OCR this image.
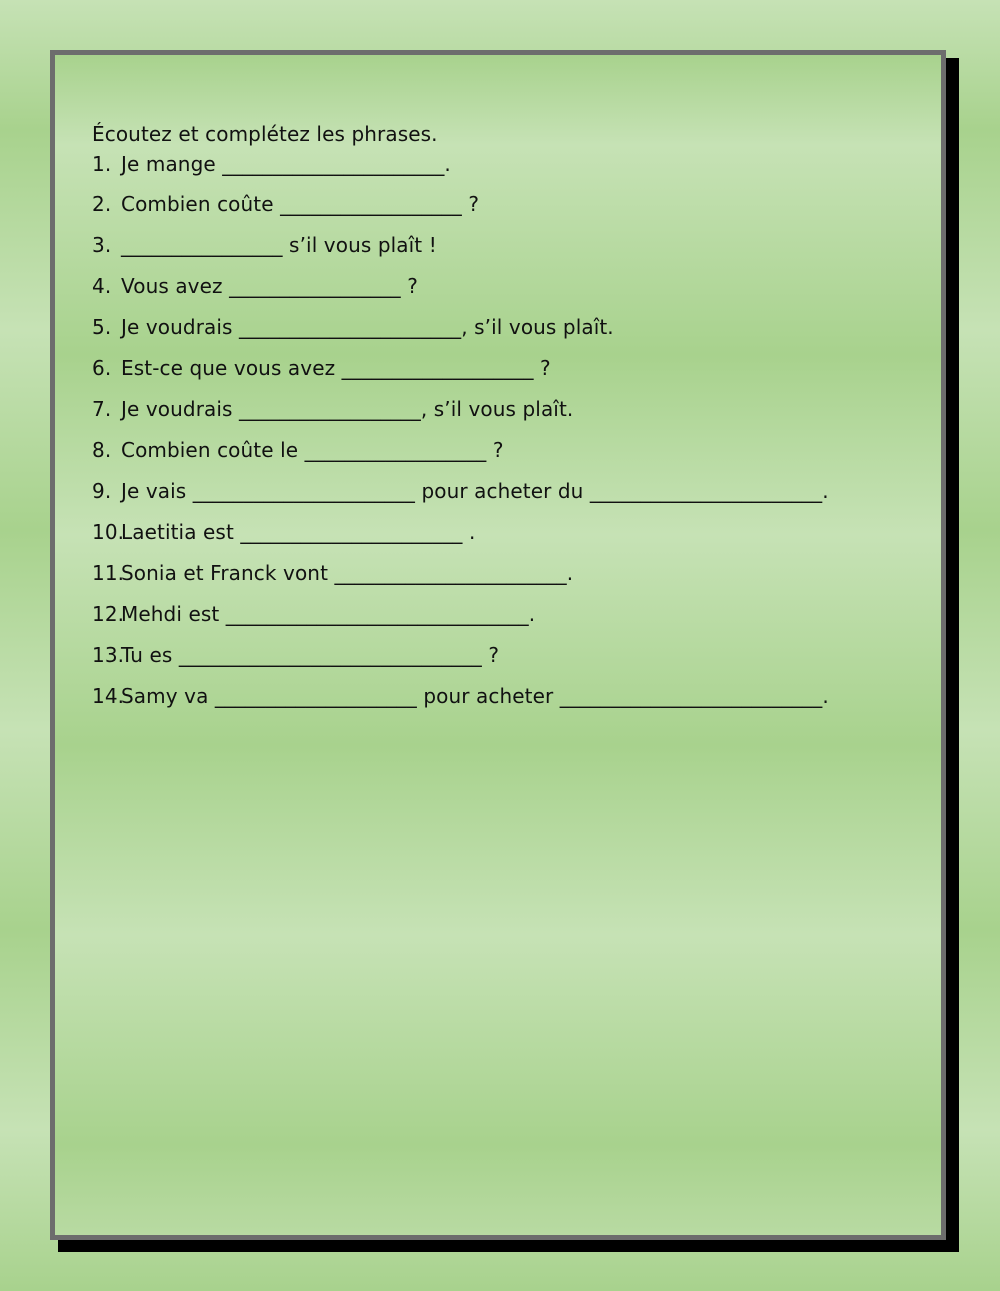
Écoutez et complétez les phrases.
1. Je mange ______________________.
2. Combien coûte __________________ ?
3. ________________ s’il vous plaît !
4. Vous avez _________________ ?
5. Je voudrais ______________________, s’il vous plaît.
6. Est-ce que vous avez ___________________ ?
7. Je voudrais __________________, s’il vous plaît.
8. Combien coûte le __________________ ?
9. Je vais ______________________ pour acheter du _______________________.
10.
Laetitia est ______________________ .
11.
Sonia et Franck vont _______________________.
12.
Mehdi est ______________________________.
13.
Tu es ______________________________ ?
14.
Samy va ____________________ pour acheter __________________________.
